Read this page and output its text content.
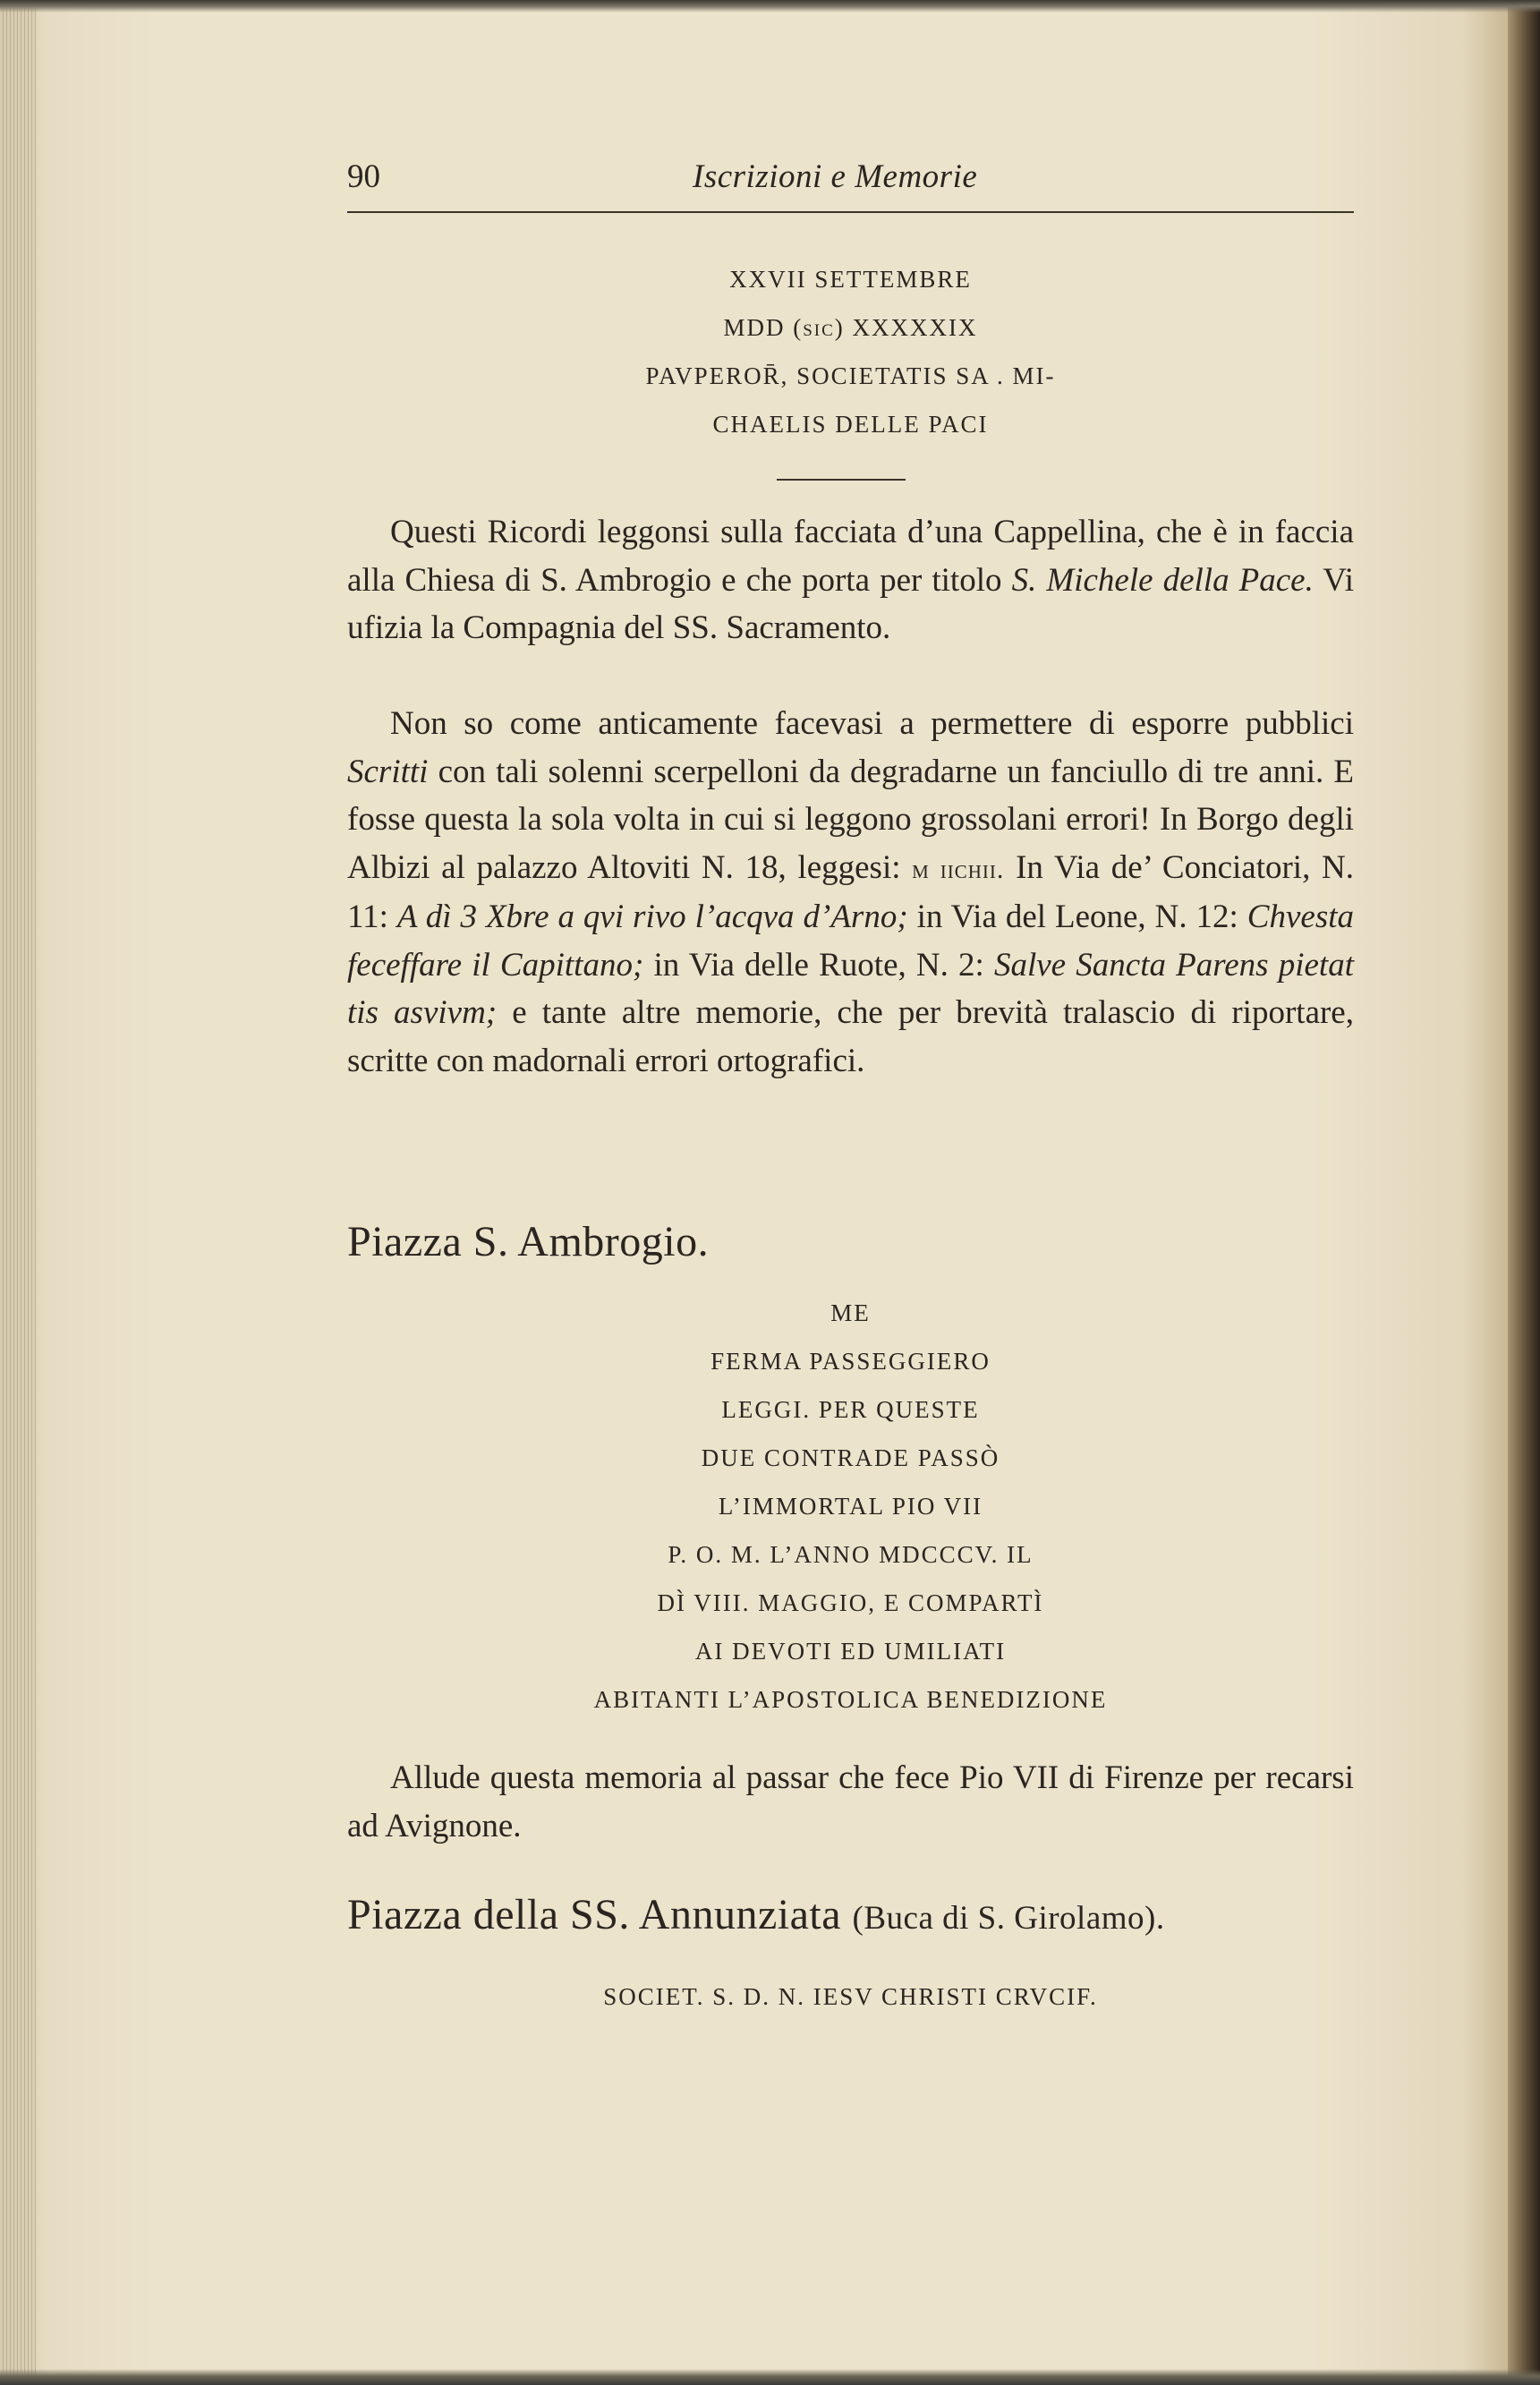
90	Iscrizioni e Memorie
XXVII SETTEMBRE
MDD (sic) XXXXXIX
PAVPEROR̄, SOCIETATIS SA . MI-
CHAELIS DELLE PACI

Questi Ricordi leggonsi sulla facciata d’una Cappellina, che è in faccia alla Chiesa di S. Ambrogio e che porta per titolo S. Michele della Pace. Vi ufizia la Compagnia del SS. Sacramento.

Non so come anticamente facevasi a permettere di esporre pubblici Scritti con tali solenni scerpelloni da degradarne un fanciullo di tre anni. E fosse questa la sola volta in cui si leggono grossolani errori! In Borgo degli Albizi al palazzo Altoviti N. 18, leggesi: m iichii. In Via de’ Conciatori, N. 11: A dì 3 Xbre a qvi rivo l’acqva d’Arno; in Via del Leone, N. 12: Chvesta feceffare il Capittano; in Via delle Ruote, N. 2: Salve Sancta Parens pietat tis asvivm; e tante altre memorie, che per brevità tralascio di riportare, scritte con madornali errori ortografici.

Piazza S. Ambrogio.
ME
FERMA PASSEGGIERO
LEGGI. PER QUESTE
DUE CONTRADE PASSÒ
L’IMMORTAL PIO VII
P. O. M. L’ANNO MDCCCV. IL
DÌ VIII. MAGGIO, E COMPARTÌ
AI DEVOTI ED UMILIATI
ABITANTI L’APOSTOLICA BENEDIZIONE

Allude questa memoria al passar che fece Pio VII di Firenze per recarsi ad Avignone.

Piazza della SS. Annunziata (Buca di S. Girolamo).
SOCIET. S. D. N. IESV CHRISTI CRVCIF.
